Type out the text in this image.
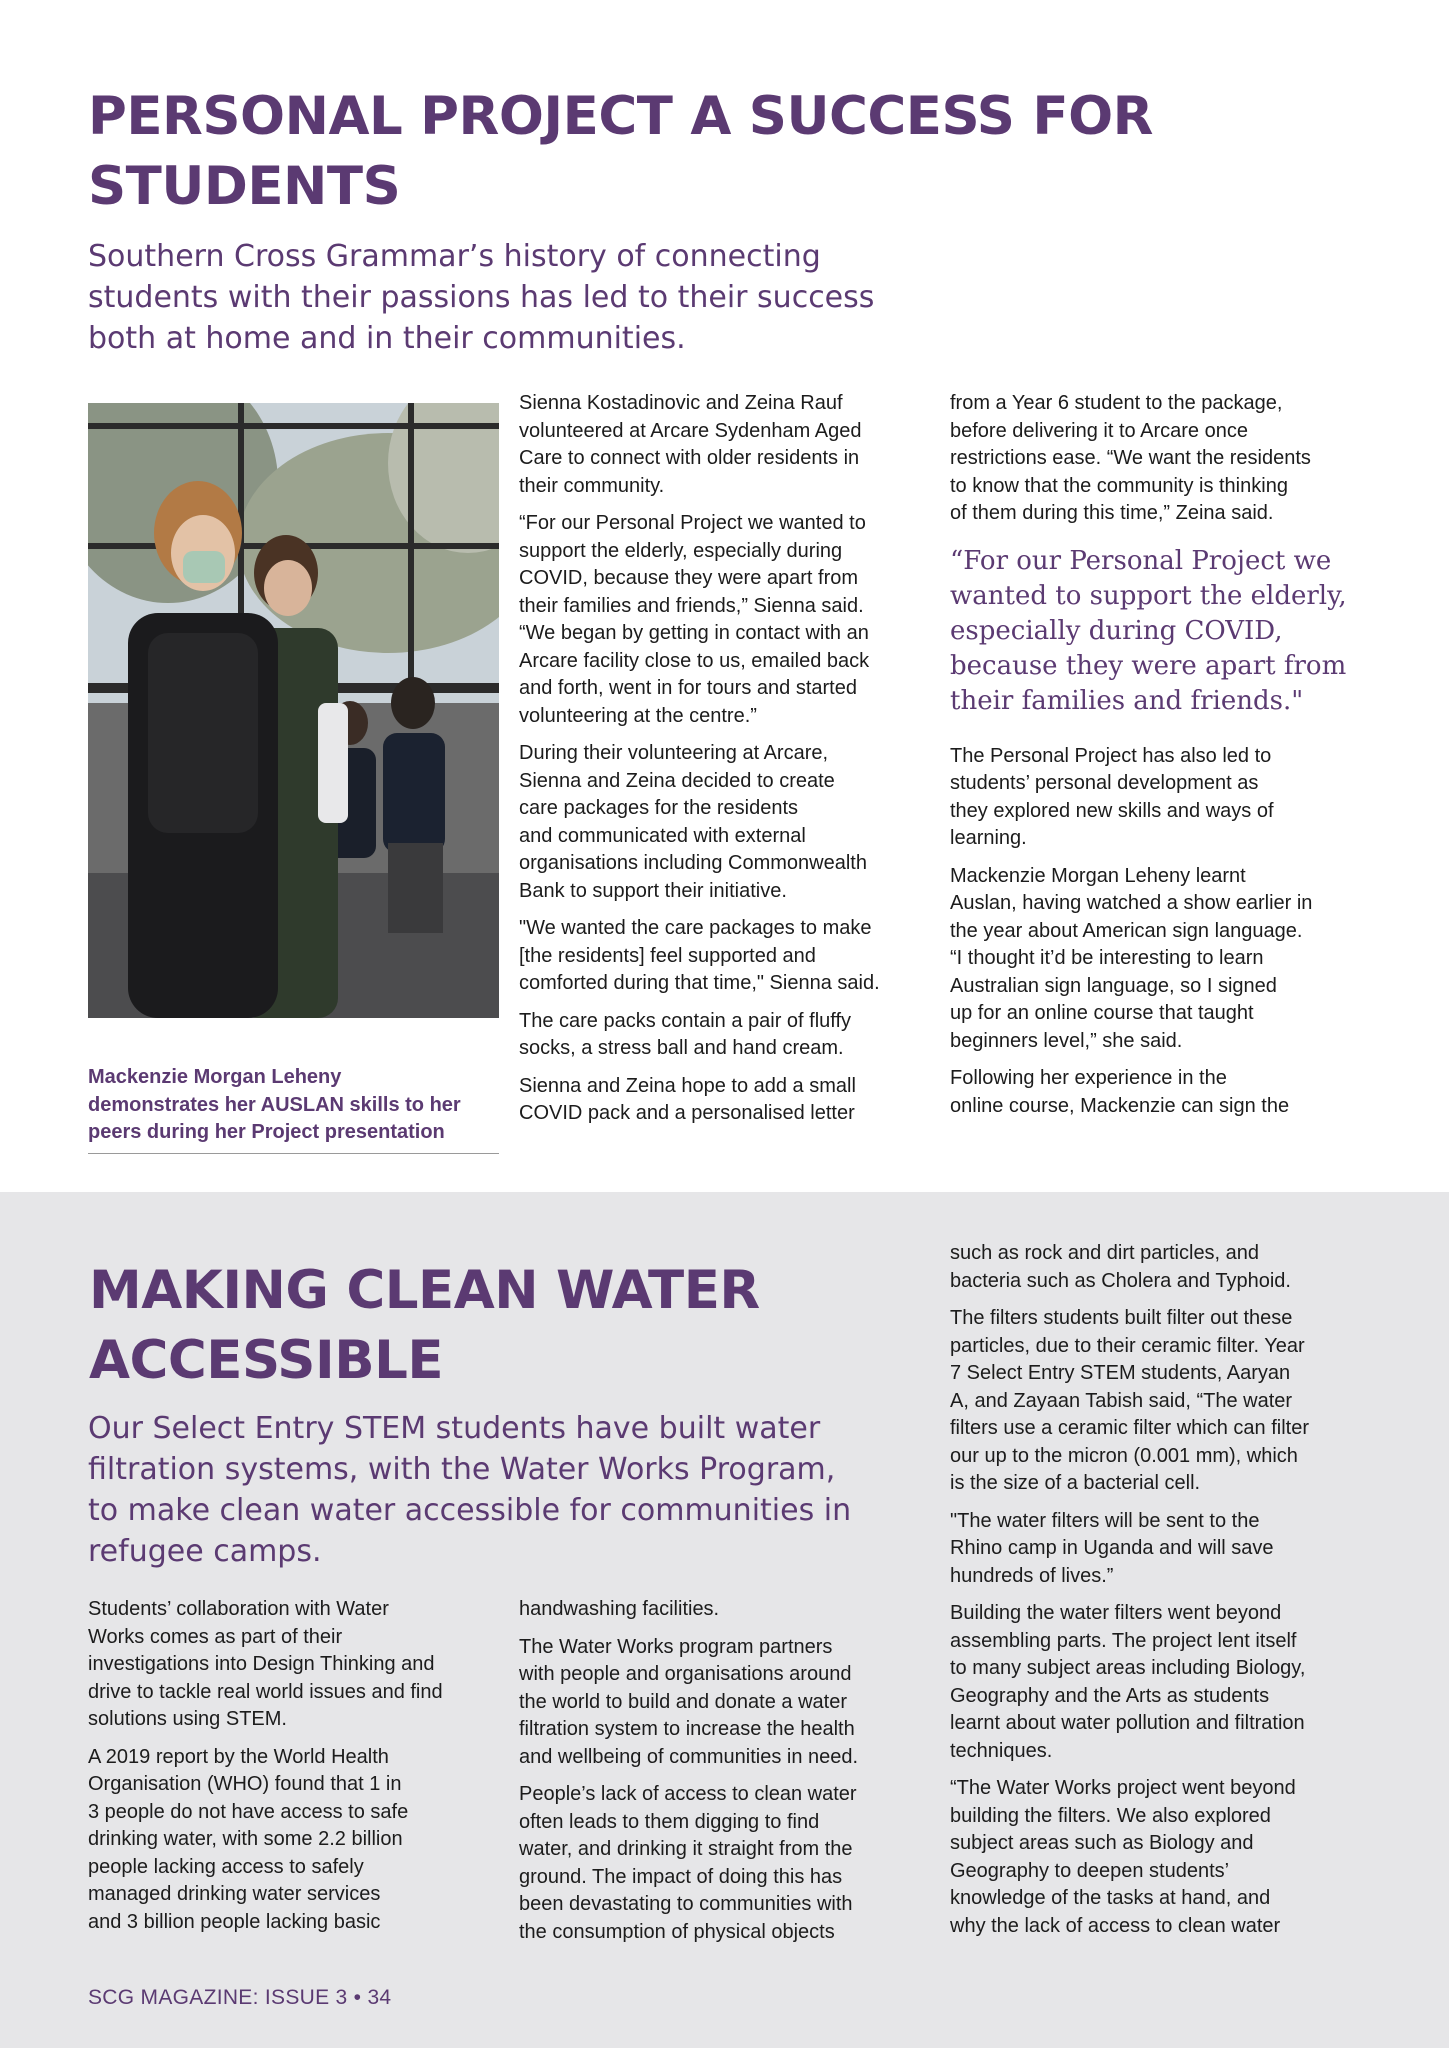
PERSONAL PROJECT A SUCCESS FOR
STUDENTS

Southern Cross Grammar’s history of connecting
students with their passions has led to their success
both at home and in their communities.

Mackenzie Morgan Leheny
demonstrates her AUSLAN skills to her
peers during her Project presentation

Sienna Kostadinovic and Zeina Rauf
volunteered at Arcare Sydenham Aged
Care to connect with older residents in
their community.

“For our Personal Project we wanted to
support the elderly, especially during
COVID, because they were apart from
their families and friends,” Sienna said.
“We began by getting in contact with an
Arcare facility close to us, emailed back
and forth, went in for tours and started
volunteering at the centre.”

During their volunteering at Arcare,
Sienna and Zeina decided to create
care packages for the residents
and communicated with external
organisations including Commonwealth
Bank to support their initiative.

"We wanted the care packages to make
[the residents] feel supported and
comforted during that time," Sienna said.

The care packs contain a pair of fluffy
socks, a stress ball and hand cream.

Sienna and Zeina hope to add a small
COVID pack and a personalised letter

from a Year 6 student to the package,
before delivering it to Arcare once
restrictions ease. “We want the residents
to know that the community is thinking
of them during this time,” Zeina said.

“For our Personal Project we
wanted to support the elderly,
especially during COVID,
because they were apart from
their families and friends."

The Personal Project has also led to
students’ personal development as
they explored new skills and ways of
learning.

Mackenzie Morgan Leheny learnt
Auslan, having watched a show earlier in
the year about American sign language.
“I thought it’d be interesting to learn
Australian sign language, so I signed
up for an online course that taught
beginners level,” she said.

Following her experience in the
online course, Mackenzie can sign the

MAKING CLEAN WATER
ACCESSIBLE

Our Select Entry STEM students have built water
filtration systems, with the Water Works Program,
to make clean water accessible for communities in
refugee camps.

Students’ collaboration with Water
Works comes as part of their
investigations into Design Thinking and
drive to tackle real world issues and find
solutions using STEM.

A 2019 report by the World Health
Organisation (WHO) found that 1 in
3 people do not have access to safe
drinking water, with some 2.2 billion
people lacking access to safely
managed drinking water services
and 3 billion people lacking basic

handwashing facilities.

The Water Works program partners
with people and organisations around
the world to build and donate a water
filtration system to increase the health
and wellbeing of communities in need.

People’s lack of access to clean water
often leads to them digging to find
water, and drinking it straight from the
ground. The impact of doing this has
been devastating to communities with
the consumption of physical objects

such as rock and dirt particles, and
bacteria such as Cholera and Typhoid.

The filters students built filter out these
particles, due to their ceramic filter. Year
7 Select Entry STEM students, Aaryan
A, and Zayaan Tabish said, “The water
filters use a ceramic filter which can filter
our up to the micron (0.001 mm), which
is the size of a bacterial cell.

"The water filters will be sent to the
Rhino camp in Uganda and will save
hundreds of lives.”

Building the water filters went beyond
assembling parts. The project lent itself
to many subject areas including Biology,
Geography and the Arts as students
learnt about water pollution and filtration
techniques.

“The Water Works project went beyond
building the filters. We also explored
subject areas such as Biology and
Geography to deepen students’
knowledge of the tasks at hand, and
why the lack of access to clean water

SCG MAGAZINE: ISSUE 3 • 34
